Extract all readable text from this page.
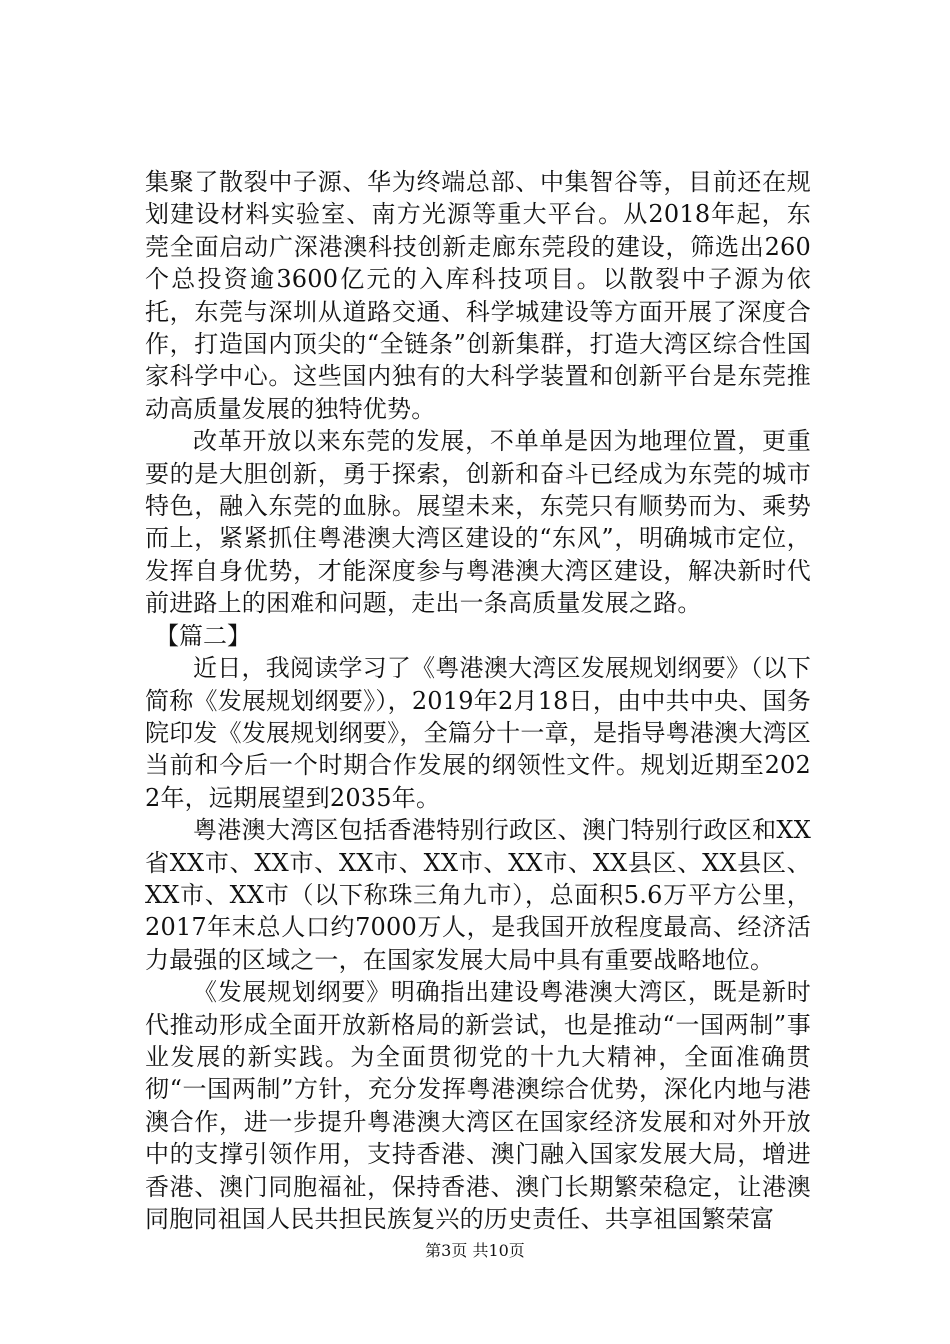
集聚了散裂中子源、华为终端总部、中集智谷等，目前还在规划建设材料实验室、南方光源等重大平台。从2018年起，东莞全面启动广深港澳科技创新走廊东莞段的建设，筛选出260个总投资逾3600亿元的入库科技项目。以散裂中子源为依托，东莞与深圳从道路交通、科学城建设等方面开展了深度合作，打造国内顶尖的“全链条”创新集群，打造大湾区综合性国家科学中心。这些国内独有的大科学装置和创新平台是东莞推动高质量发展的独特优势。

改革开放以来东莞的发展，不单单是因为地理位置，更重要的是大胆创新，勇于探索，创新和奋斗已经成为东莞的城市特色，融入东莞的血脉。展望未来，东莞只有顺势而为、乘势而上，紧紧抓住粤港澳大湾区建设的“东风”，明确城市定位，发挥自身优势，才能深度参与粤港澳大湾区建设，解决新时代前进路上的困难和问题，走出一条高质量发展之路。

【篇二】

近日，我阅读学习了《粤港澳大湾区发展规划纲要》（以下简称《发展规划纲要》），2019年2月18日，由中共中央、国务院印发《发展规划纲要》，全篇分十一章，是指导粤港澳大湾区当前和今后一个时期合作发展的纲领性文件。规划近期至2022年，远期展望到2035年。

粤港澳大湾区包括香港特别行政区、澳门特别行政区和XX省XX市、XX市、XX市、XX市、XX市、XX县区、XX县区、XX市、XX市（以下称珠三角九市），总面积5.6万平方公里，2017年末总人口约7000万人，是我国开放程度最高、经济活力最强的区域之一，在国家发展大局中具有重要战略地位。

《发展规划纲要》明确指出建设粤港澳大湾区，既是新时代推动形成全面开放新格局的新尝试，也是推动“一国两制”事业发展的新实践。为全面贯彻党的十九大精神，全面准确贯彻“一国两制”方针，充分发挥粤港澳综合优势，深化内地与港澳合作，进一步提升粤港澳大湾区在国家经济发展和对外开放中的支撑引领作用，支持香港、澳门融入国家发展大局，增进香港、澳门同胞福祉，保持香港、澳门长期繁荣稳定，让港澳同胞同祖国人民共担民族复兴的历史责任、共享祖国繁荣富

第3页 共10页
